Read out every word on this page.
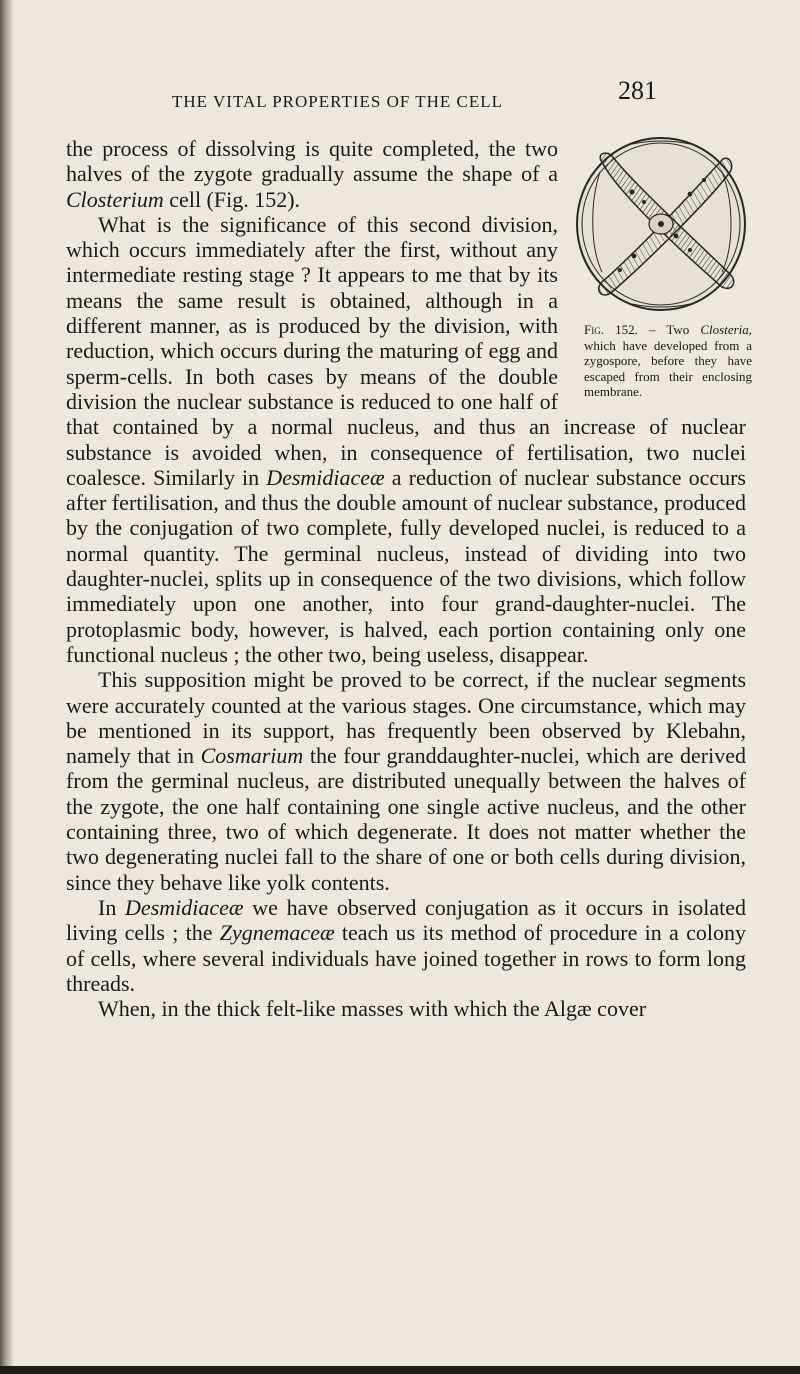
THE VITAL PROPERTIES OF THE CELL	281
Fig. 152. – Two Closteria, which have developed from a zygospore, before they have escaped from their enclosing membrane.

the process of dissolving is quite completed, the two halves of the zygote gradually assume the shape of a Closterium cell (Fig. 152).

What is the significance of this second division, which occurs immediately after the first, without any intermediate resting stage ? It appears to me that by its means the same result is obtained, although in a different manner, as is produced by the division, with reduction, which occurs during the maturing of egg and sperm-cells. In both cases by means of the double division the nuclear substance is reduced to one half of that contained by a normal nucleus, and thus an increase of nuclear substance is avoided when, in consequence of fertilisation, two nuclei coalesce. Similarly in Desmidiaceæ a reduction of nuclear substance occurs after fertilisation, and thus the double amount of nuclear substance, produced by the conjugation of two complete, fully developed nuclei, is reduced to a normal quantity. The germinal nucleus, instead of dividing into two daughter-nuclei, splits up in consequence of the two divisions, which follow immediately upon one another, into four grand-daughter-nuclei. The protoplasmic body, however, is halved, each portion containing only one functional nucleus ; the other two, being useless, disappear.

This supposition might be proved to be correct, if the nuclear segments were accurately counted at the various stages. One circumstance, which may be mentioned in its support, has frequently been observed by Klebahn, namely that in Cosmarium the four granddaughter-nuclei, which are derived from the germinal nucleus, are distributed unequally between the halves of the zygote, the one half containing one single active nucleus, and the other containing three, two of which degenerate. It does not matter whether the two degenerating nuclei fall to the share of one or both cells during division, since they behave like yolk contents.

In Desmidiaceæ we have observed conjugation as it occurs in isolated living cells ; the Zygnemaceæ teach us its method of procedure in a colony of cells, where several individuals have joined together in rows to form long threads.

When, in the thick felt-like masses with which the Algæ cover
